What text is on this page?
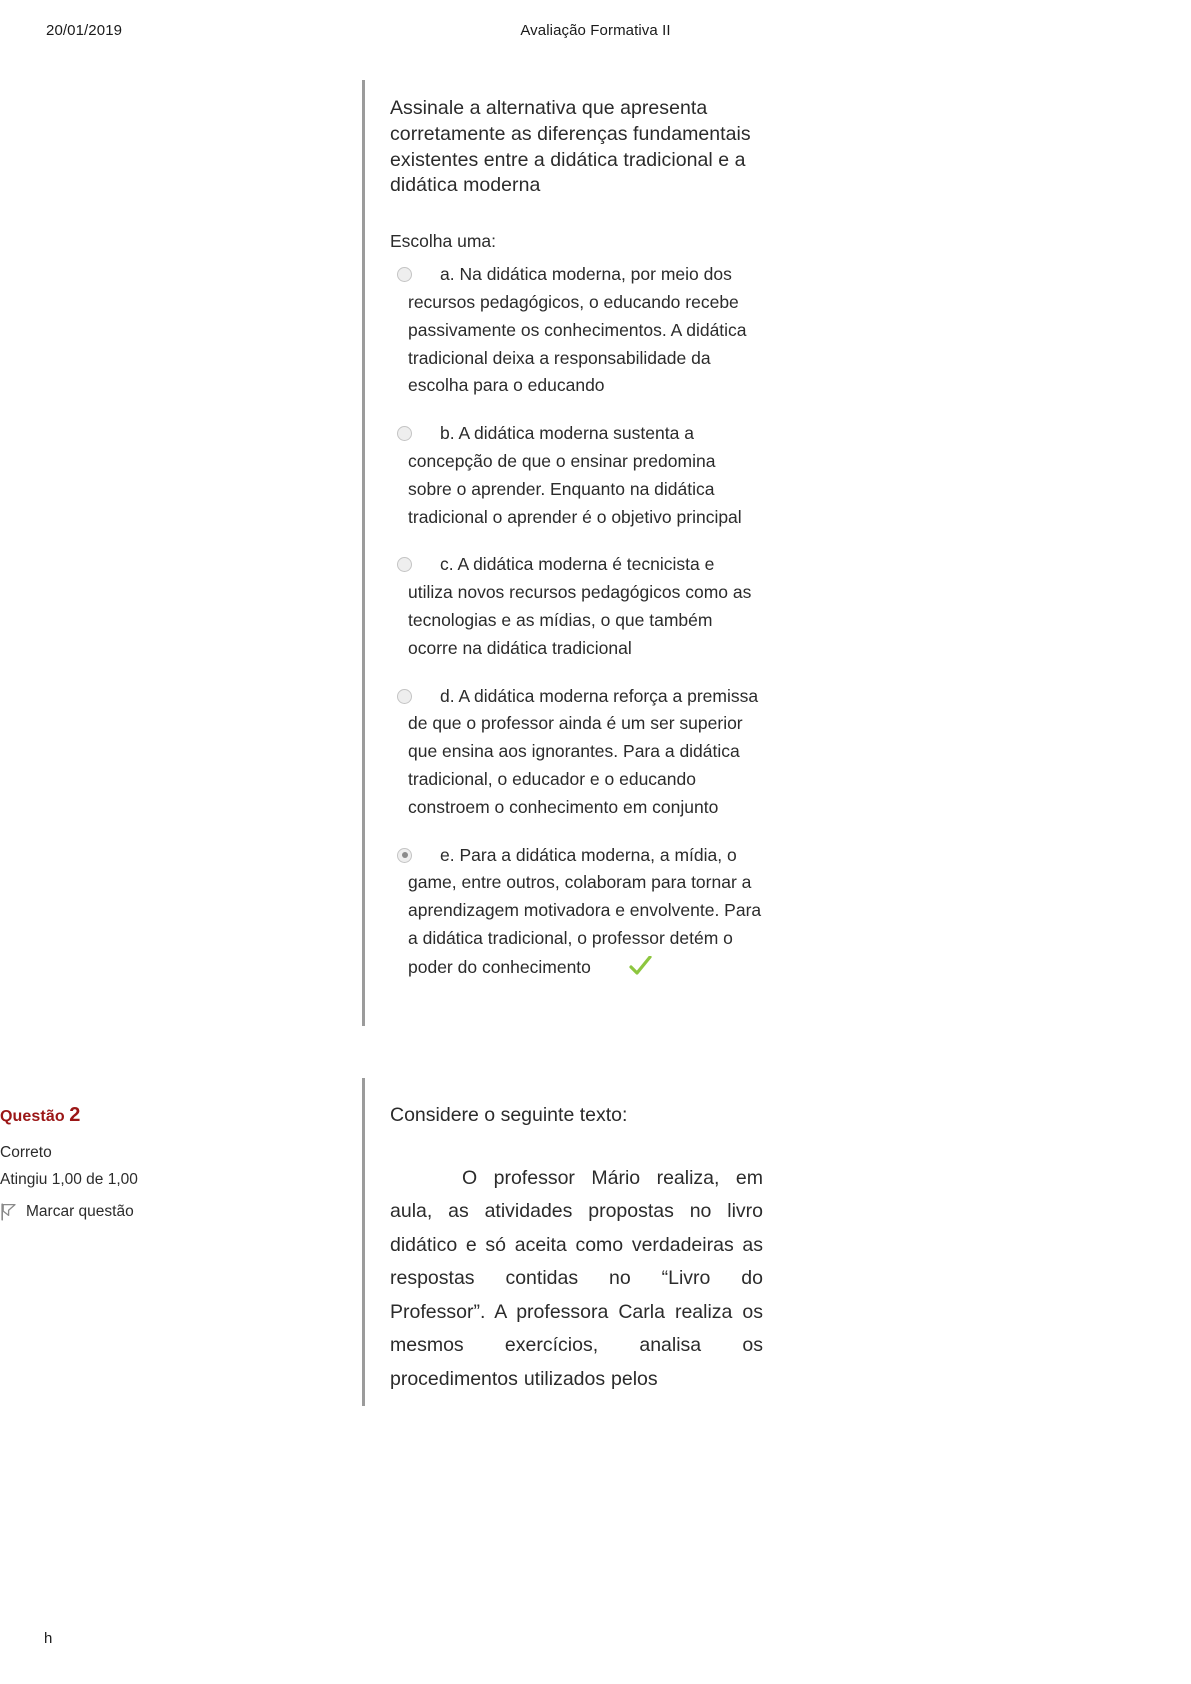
20/01/2019	Avaliação Formativa II

Assinale a alternativa que apresenta corretamente as diferenças fundamentais existentes entre a didática tradicional e a didática moderna

Escolha uma:

a. Na didática moderna, por meio dos recursos pedagógicos, o educando recebe passivamente os conhecimentos. A didática tradicional deixa a responsabilidade da escolha para o educando
b. A didática moderna sustenta a concepção de que o ensinar predomina sobre o aprender. Enquanto na didática tradicional o aprender é o objetivo principal
c. A didática moderna é tecnicista e utiliza novos recursos pedagógicos como as tecnologias e as mídias, o que também ocorre na didática tradicional
d. A didática moderna reforça a premissa de que o professor ainda é um ser superior que ensina aos ignorantes. Para a didática tradicional, o educador e o educando constroem o conhecimento em conjunto
e. Para a didática moderna, a mídia, o game, entre outros, colaboram para tornar a aprendizagem motivadora e envolvente. Para a didática tradicional, o professor detém o poder do conhecimento

Questão 2

Correto

Atingiu 1,00 de 1,00

Marcar questão

Considere o seguinte texto:

O professor Mário realiza, em aula, as atividades propostas no livro didático e só aceita como verdadeiras as respostas contidas no “Livro do Professor”. A professora Carla realiza os mesmos exercícios, analisa os procedimentos utilizados pelos

h
